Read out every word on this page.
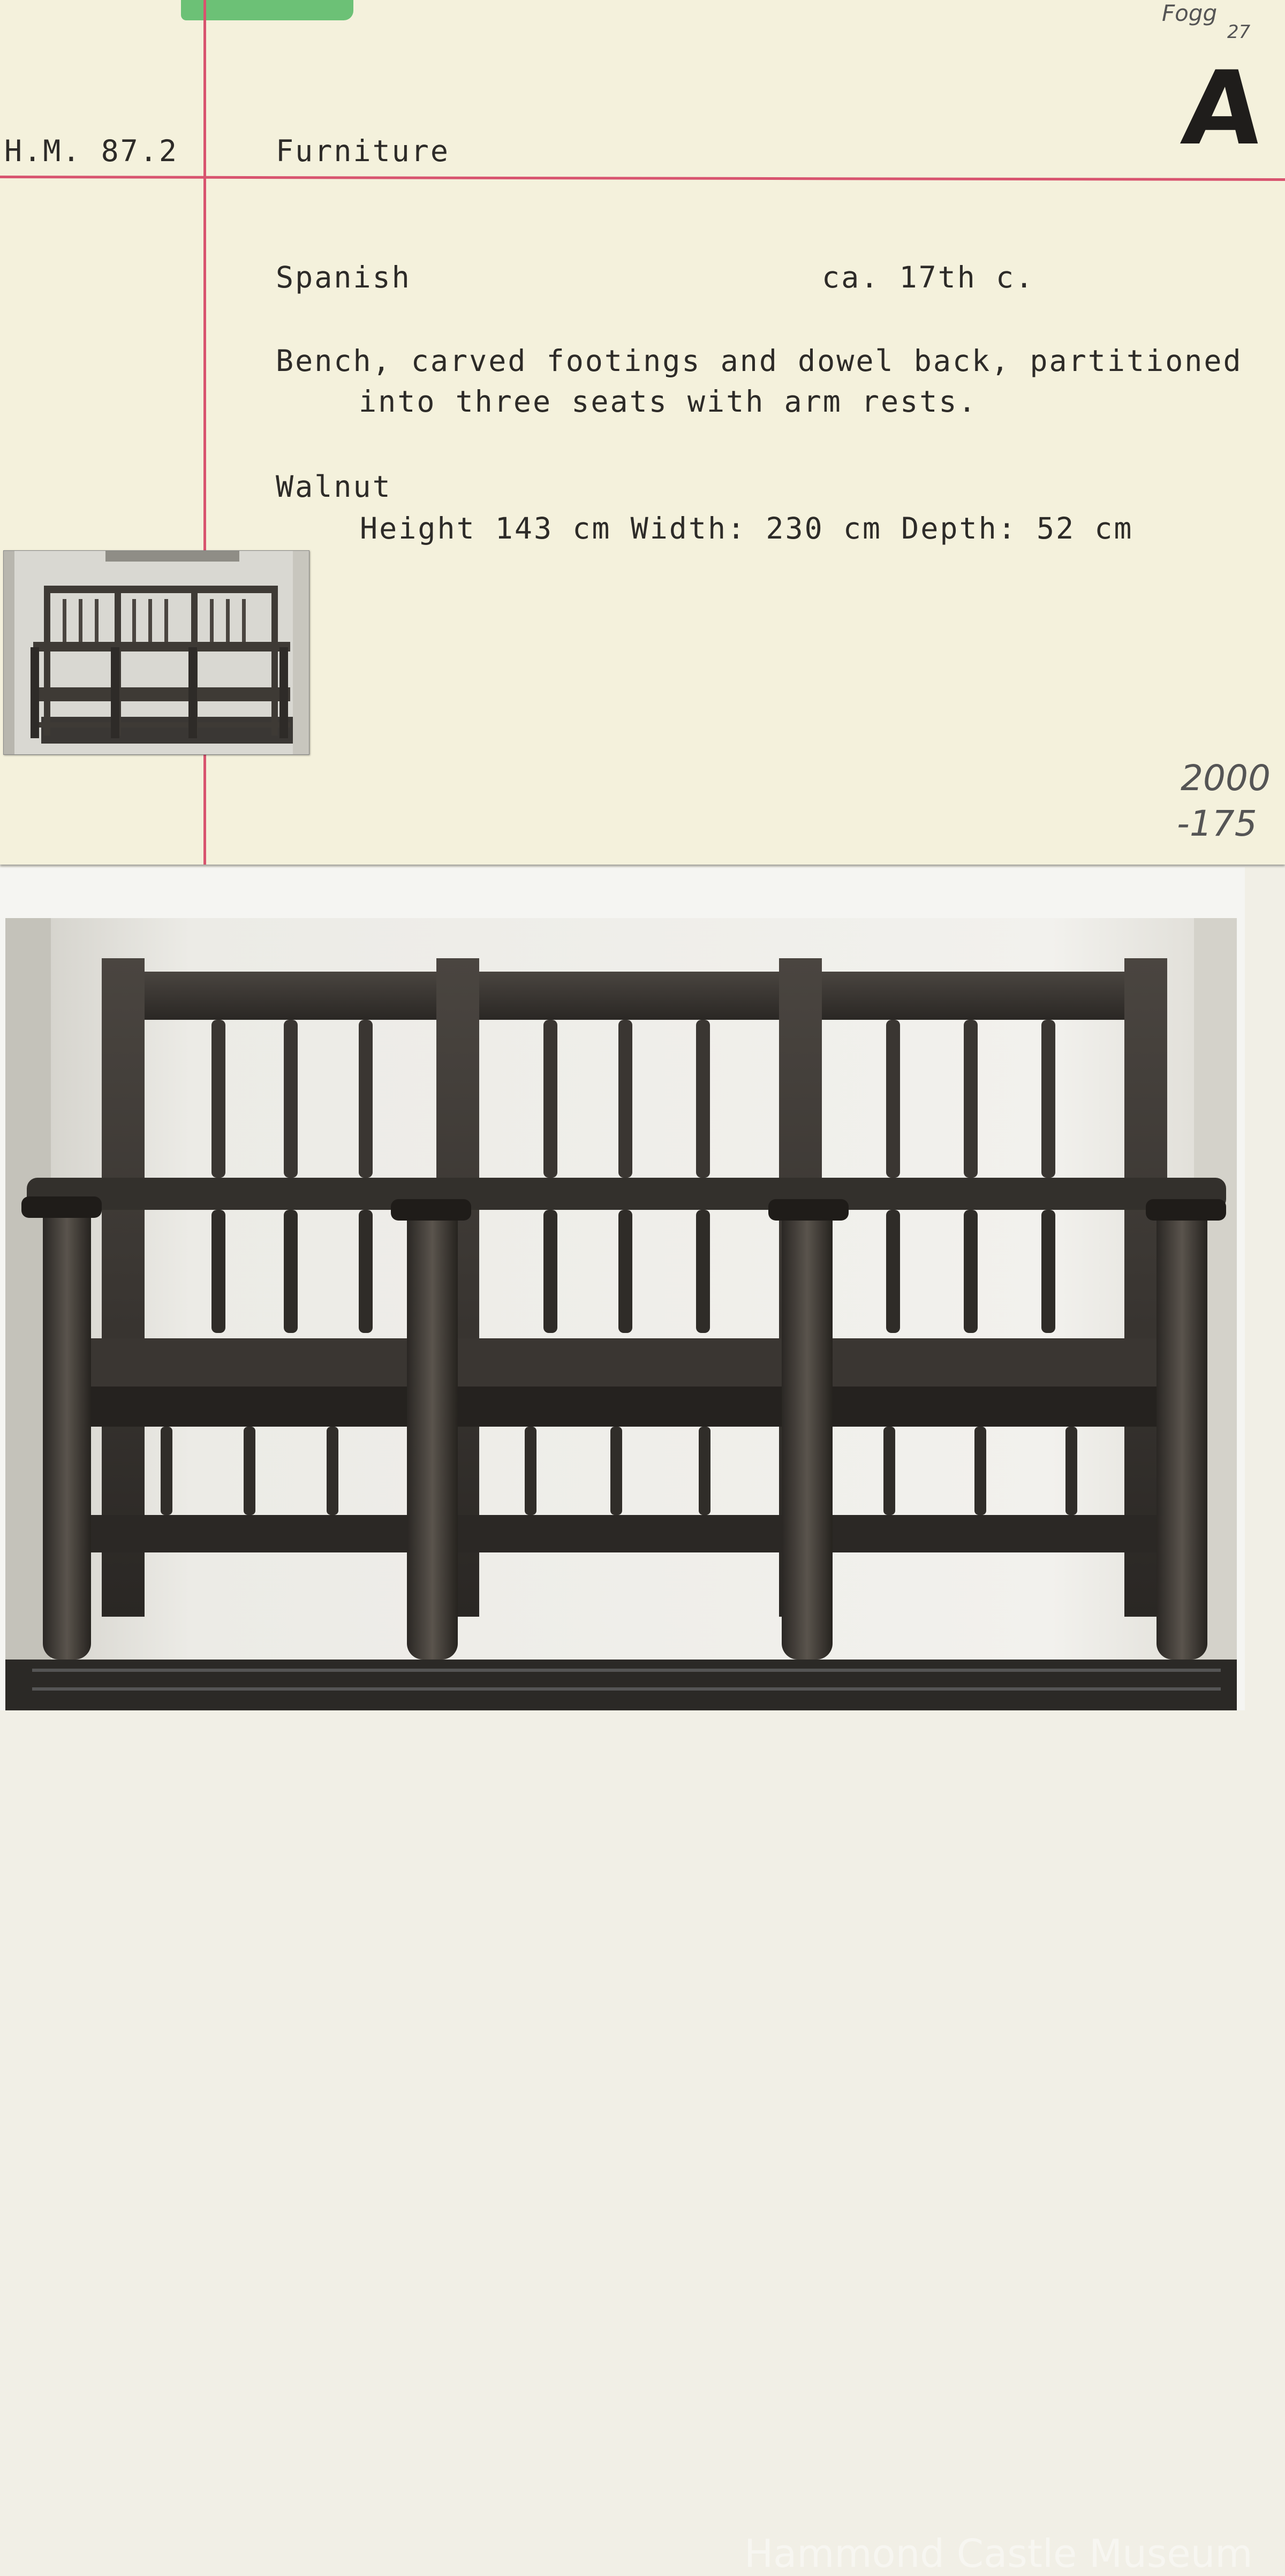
H.M. 87.2	Furniture
Spanish	ca. 17th c.
Bench, carved footings and dowel back, partitioned
into three seats with arm rests.
Walnut
Height 143 cm Width: 230 cm Depth: 52 cm
Fogg
27
A
2000
-175
Hammond Castle Museum
